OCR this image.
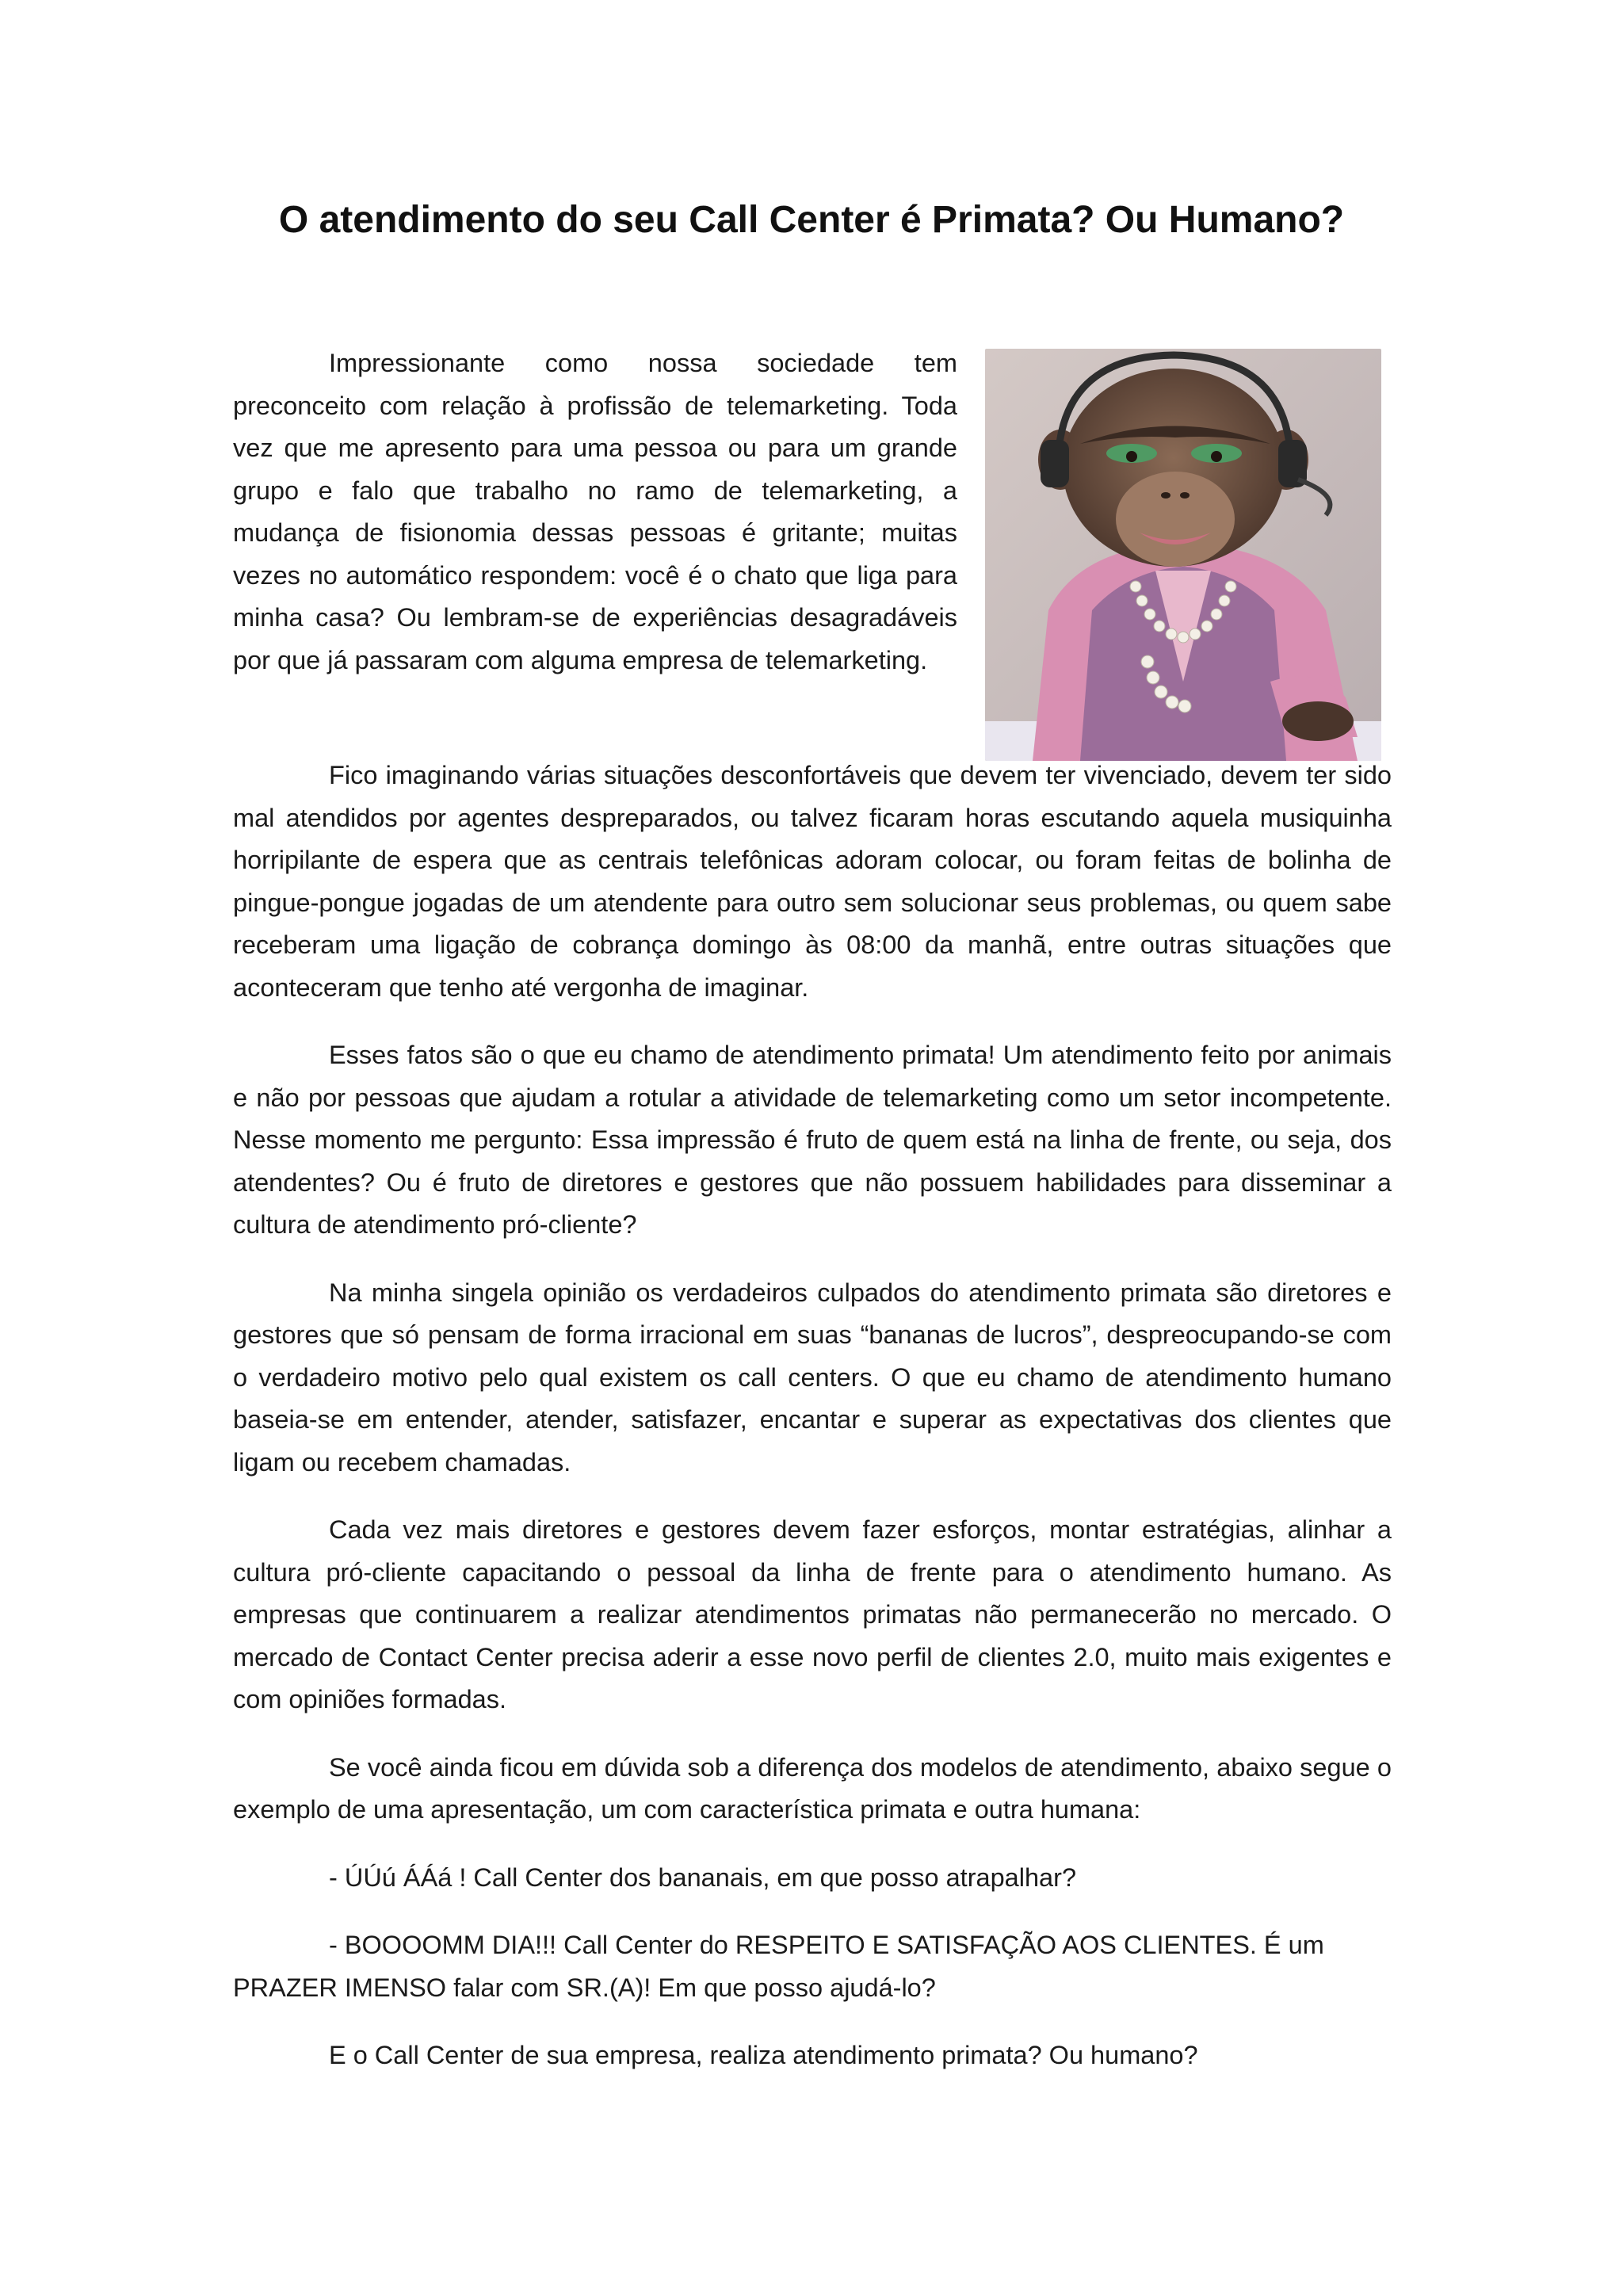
O atendimento do seu Call Center é Primata? Ou Humano?

Impressionante como nossa sociedade tem preconceito com relação à profissão de telemarketing. Toda vez que me apresento para uma pessoa ou para um grande grupo e falo que trabalho no ramo de telemarketing, a mudança de fisionomia dessas pessoas é gritante; muitas vezes no automático respondem: você é o chato que liga para minha casa? Ou lembram-se de experiências desagradáveis por que já passaram com alguma empresa de telemarketing.

Fico imaginando várias situações desconfortáveis que devem ter vivenciado, devem ter sido mal atendidos por agentes despreparados, ou talvez ficaram horas escutando aquela musiquinha horripilante de espera que as centrais telefônicas adoram colocar, ou foram feitas de bolinha de pingue-pongue jogadas de um atendente para outro sem solucionar seus problemas, ou quem sabe receberam uma ligação de cobrança domingo às 08:00 da manhã, entre outras situações que aconteceram que tenho até vergonha de imaginar.

Esses fatos são o que eu chamo de atendimento primata! Um atendimento feito por animais e não por pessoas que ajudam a rotular a atividade de telemarketing como um setor incompetente. Nesse momento me pergunto: Essa impressão é fruto de quem está na linha de frente, ou seja, dos atendentes? Ou é fruto de diretores e gestores que não possuem habilidades para disseminar a cultura de atendimento pró-cliente?

Na minha singela opinião os verdadeiros culpados do atendimento primata são diretores e gestores que só pensam de forma irracional em suas “bananas de lucros”, despreocupando-se com o verdadeiro motivo pelo qual existem os call centers. O que eu chamo de atendimento humano baseia-se em entender, atender, satisfazer, encantar e superar as expectativas dos clientes que ligam ou recebem chamadas.

Cada vez mais diretores e gestores devem fazer esforços, montar estratégias, alinhar a cultura pró-cliente capacitando o pessoal da linha de frente para o atendimento humano. As empresas que continuarem a realizar atendimentos primatas não permanecerão no mercado. O mercado de Contact Center precisa aderir a esse novo perfil de clientes 2.0, muito mais exigentes e com opiniões formadas.

Se você ainda ficou em dúvida sob a diferença dos modelos de atendimento, abaixo segue o exemplo de uma apresentação, um com característica primata e outra humana:

- ÚÚú ÁÁá ! Call Center dos bananais, em que posso atrapalhar?

- BOOOOMM DIA!!! Call Center do RESPEITO E SATISFAÇÃO AOS CLIENTES. É um PRAZER IMENSO falar com SR.(A)! Em que posso ajudá-lo?

E o Call Center de sua empresa, realiza atendimento primata? Ou humano?
